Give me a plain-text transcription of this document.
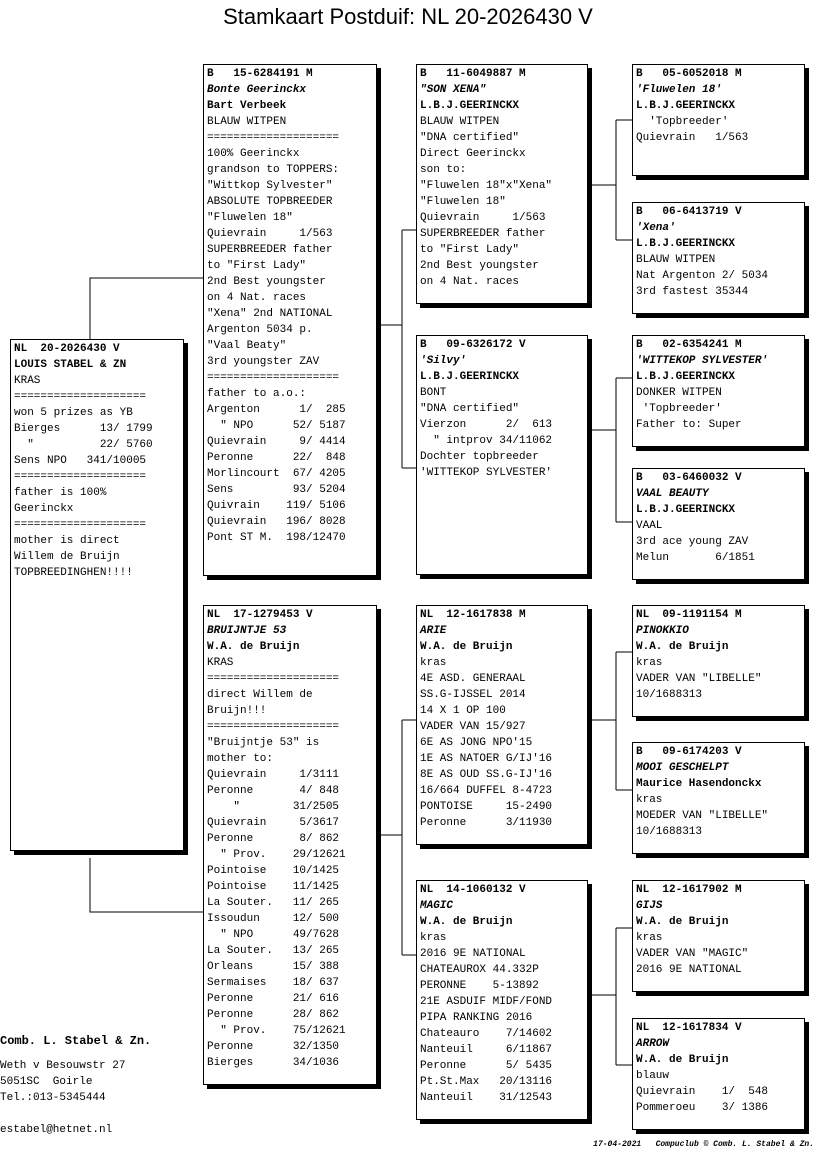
Stamkaart Postduif: NL 20-2026430 V
NL  20-2026430 V
LOUIS STABEL & ZN
KRAS
====================
won 5 prizes as YB
Bierges      13/ 1799
"          22/ 5760
Sens NPO   341/10005
====================
father is 100%
Geerinckx
====================
mother is direct
Willem de Bruijn
TOPBREEDINGHEN!!!!
B   15-6284191 M
Bonte Geerinckx
Bart Verbeek
BLAUW WITPEN
====================
100% Geerinckx
grandson to TOPPERS:
"Wittkop Sylvester"
ABSOLUTE TOPBREEDER
"Fluwelen 18"
Quievrain     1/563
SUPERBREEDER father
to "First Lady"
2nd Best youngster
on 4 Nat. races
"Xena" 2nd NATIONAL
Argenton 5034 p.
"Vaal Beaty"
3rd youngster ZAV
====================
father to a.o.:
Argenton      1/  285
" NPO      52/ 5187
Quievrain     9/ 4414
Peronne      22/  848
Morlincourt  67/ 4205
Sens         93/ 5204
Quivrain    119/ 5106
Quievrain   196/ 8028
Pont ST M.  198/12470
NL  17-1279453 V
BRUIJNTJE 53
W.A. de Bruijn
KRAS
====================
direct Willem de
Bruijn!!!
====================
"Bruijntje 53" is
mother to:
Quievrain     1/3111
Peronne       4/ 848
"        31/2505
Quievrain     5/3617
Peronne       8/ 862
" Prov.    29/12621
Pointoise    10/1425
Pointoise    11/1425
La Souter.   11/ 265
Issoudun     12/ 500
" NPO      49/7628
La Souter.   13/ 265
Orleans      15/ 388
Sermaises    18/ 637
Peronne      21/ 616
Peronne      28/ 862
" Prov.    75/12621
Peronne      32/1350
Bierges      34/1036
B   11-6049887 M
"SON XENA"
L.B.J.GEERINCKX
BLAUW WITPEN
"DNA certified"
Direct Geerinckx
son to:
"Fluwelen 18"x"Xena"
"Fluwelen 18"
Quievrain     1/563
SUPERBREEDER father
to "First Lady"
2nd Best youngster
on 4 Nat. races
B   09-6326172 V
'Silvy'
L.B.J.GEERINCKX
BONT
"DNA certified"
Vierzon      2/  613
" intprov 34/11062
Dochter topbreeder
'WITTEKOP SYLVESTER'
NL  12-1617838 M
ARIE
W.A. de Bruijn
kras
4E ASD. GENERAAL
SS.G-IJSSEL 2014
14 X 1 OP 100
VADER VAN 15/927
6E AS JONG NPO'15
1E AS NATOER G/IJ'16
8E AS OUD SS.G-IJ'16
16/664 DUFFEL 8-4723
PONTOISE     15-2490
Peronne      3/11930
NL  14-1060132 V
MAGIC
W.A. de Bruijn
kras
2016 9E NATIONAL
CHATEAUROX 44.332P
PERONNE    5-13892
21E ASDUIF MIDF/FOND
PIPA RANKING 2016
Chateauro    7/14602
Nanteuil     6/11867
Peronne      5/ 5435
Pt.St.Max   20/13116
Nanteuil    31/12543
B   05-6052018 M
'Fluwelen 18'
L.B.J.GEERINCKX
'Topbreeder'
Quievrain   1/563
B   06-6413719 V
'Xena'
L.B.J.GEERINCKX
BLAUW WITPEN
Nat Argenton 2/ 5034
3rd fastest 35344
B   02-6354241 M
'WITTEKOP SYLVESTER'
L.B.J.GEERINCKX
DONKER WITPEN
'Topbreeder'
Father to: Super
B   03-6460032 V
VAAL BEAUTY
L.B.J.GEERINCKX
VAAL
3rd ace young ZAV
Melun       6/1851
NL  09-1191154 M
PINOKKIO
W.A. de Bruijn
kras
VADER VAN "LIBELLE"
10/1688313
B   09-6174203 V
MOOI GESCHELPT
Maurice Hasendonckx
kras
MOEDER VAN "LIBELLE"
10/1688313
NL  12-1617902 M
GIJS
W.A. de Bruijn
kras
VADER VAN "MAGIC"
2016 9E NATIONAL
NL  12-1617834 V
ARROW
W.A. de Bruijn
blauw
Quievrain    1/  548
Pommeroeu    3/ 1386
Comb. L. Stabel & Zn.
Weth v Besouwstr 27
5051SC  Goirle
Tel.:013-5345444
estabel@hetnet.nl
17-04-2021   Compuclub © Comb. L. Stabel & Zn.
